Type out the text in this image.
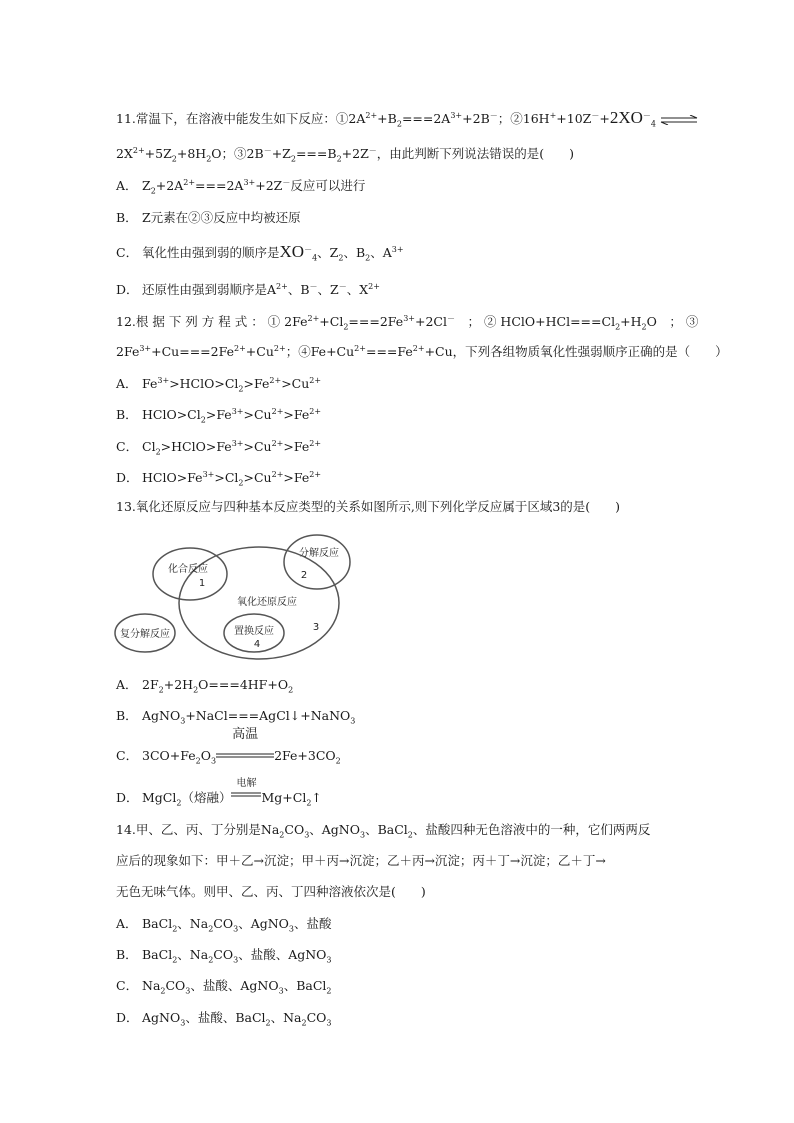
11.常温下，在溶液中能发生如下反应：$①2A^{2+}+B_2===2A^{3+}+2B^-$；$②16H^++10Z^-+2XO^-_4$ ⇌
$2X^{2+}+5Z_2+8H_2O$；$③2B^-+Z_2===B_2+2Z^-$，由此判断下列说法错误的是(　　)
A． $Z_2+2A^{2+}===2A^{3+}+2Z^-$反应可以进行
B． Z元素在②③反应中均被还原
C． 氧化性由强到弱的顺序是$XO^-_4$、$Z_2$、$B_2$、$A^{3+}$
D． 还原性由强到弱顺序是$A^{2+}$、B－、Z－、$X^{2+}$
12.根 据 下 列 方 程 式 ： ① $2Fe^{2+}+Cl_2===2Fe^{3+}+2Cl^-$　； ② $HClO+HCl===Cl_2+H_2O$　； ③
$2Fe^{3+}+Cu===2Fe^{2+}+Cu^{2+}$；$④Fe+Cu^{2+}===Fe^{2+}+Cu$，下列各组物质氧化性强弱顺序正确的是（　　）
A． $Fe^{3+}>HClO>Cl_2>Fe^{2+}>Cu^{2+}$
B． $HClO>Cl_2>Fe^{3+}>Cu^{2+}>Fe^{2+}$
C． $Cl_2>HClO>Fe^{3+}>Cu^{2+}>Fe^{2+}$
D． $HClO>Fe^{3+}>Cl_2>Cu^{2+}>Fe^{2+}$
13.氧化还原反应与四种基本反应类型的关系如图所示,则下列化学反应属于区域3的是(　　)
化合反应
分解反应
氧化还原反应
复分解反应	置换反应
1
2
3
4
A． $2F_2+2H_2O===4HF+O_2$
B． AgNO$_3$+NaCl===AgCl↓+NaNO$_3$
C． $3CO+Fe_2O_3$
高温
$2Fe+3CO_2$
D． MgCl$_2$（熔融）
电解
$Mg+Cl_2↑$
14.甲、乙、丙、丁分别是$Na_2CO_3$、AgNO$_3$、BaCl$_2$、盐酸四种无色溶液中的一种，它们两两反
应后的现象如下：甲＋乙→沉淀；甲＋丙→沉淀；乙＋丙→沉淀；丙＋丁→沉淀；乙＋丁→
无色无味气体。则甲、乙、丙、丁四种溶液依次是(　　)
A． BaCl$_2$、$Na_2CO_3$、AgNO$_3$、盐酸
B． BaCl$_2$、$Na_2CO_3$、盐酸、AgNO$_3$
C． $Na_2CO_3$、盐酸、AgNO$_3$、BaCl$_2$
D． AgNO$_3$、盐酸、BaCl$_2$、$Na_2CO_3$
